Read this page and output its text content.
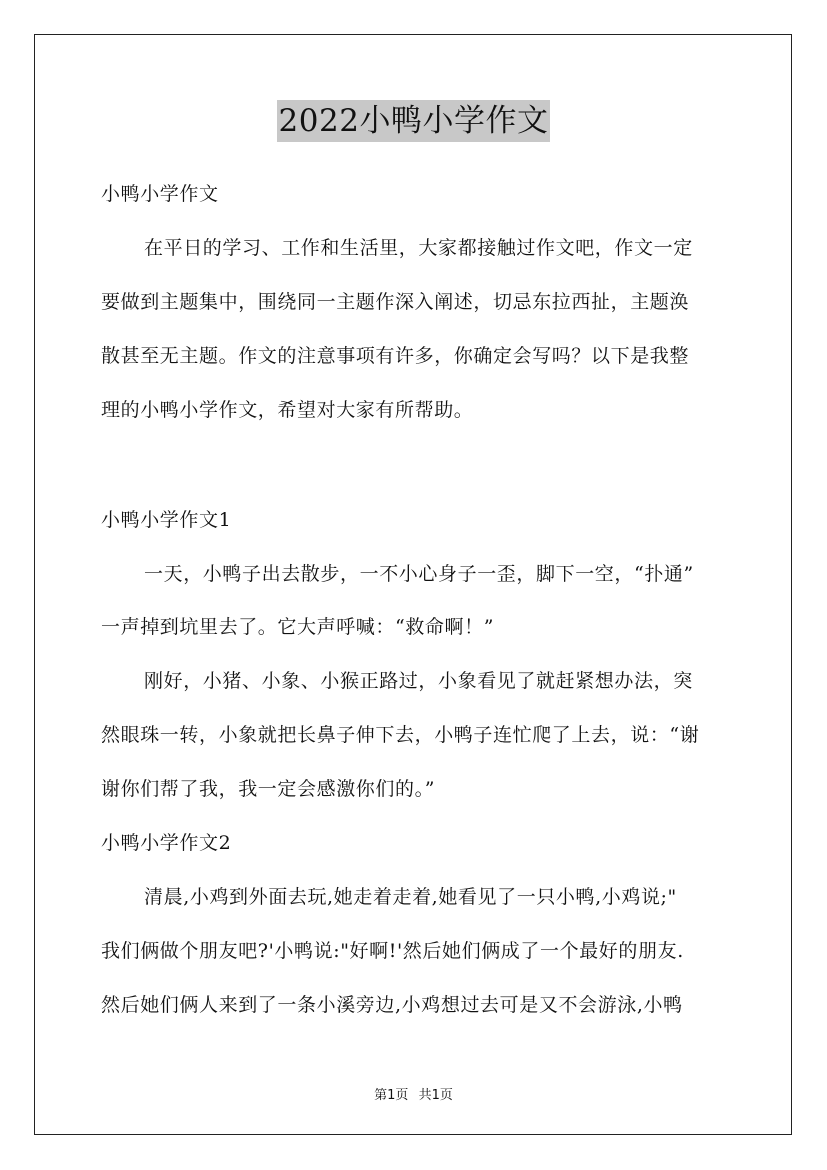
2022小鸭小学作文
小鸭小学作文
在平日的学习、工作和生活里，大家都接触过作文吧，作文一定
要做到主题集中，围绕同一主题作深入阐述，切忌东拉西扯，主题涣
散甚至无主题。作文的注意事项有许多，你确定会写吗？以下是我整
理的小鸭小学作文，希望对大家有所帮助。
小鸭小学作文1
一天，小鸭子出去散步，一不小心身子一歪，脚下一空，“扑通”
一声掉到坑里去了。它大声呼喊：“救命啊！”
刚好，小猪、小象、小猴正路过，小象看见了就赶紧想办法，突
然眼珠一转，小象就把长鼻子伸下去，小鸭子连忙爬了上去，说：“谢
谢你们帮了我，我一定会感激你们的。”
小鸭小学作文2
清晨,小鸡到外面去玩,她走着走着,她看见了一只小鸭,小鸡说;"
我们俩做个朋友吧?'小鸭说:"好啊!'然后她们俩成了一个最好的朋友.
然后她们俩人来到了一条小溪旁边,小鸡想过去可是又不会游泳,小鸭
第1页 共1页
